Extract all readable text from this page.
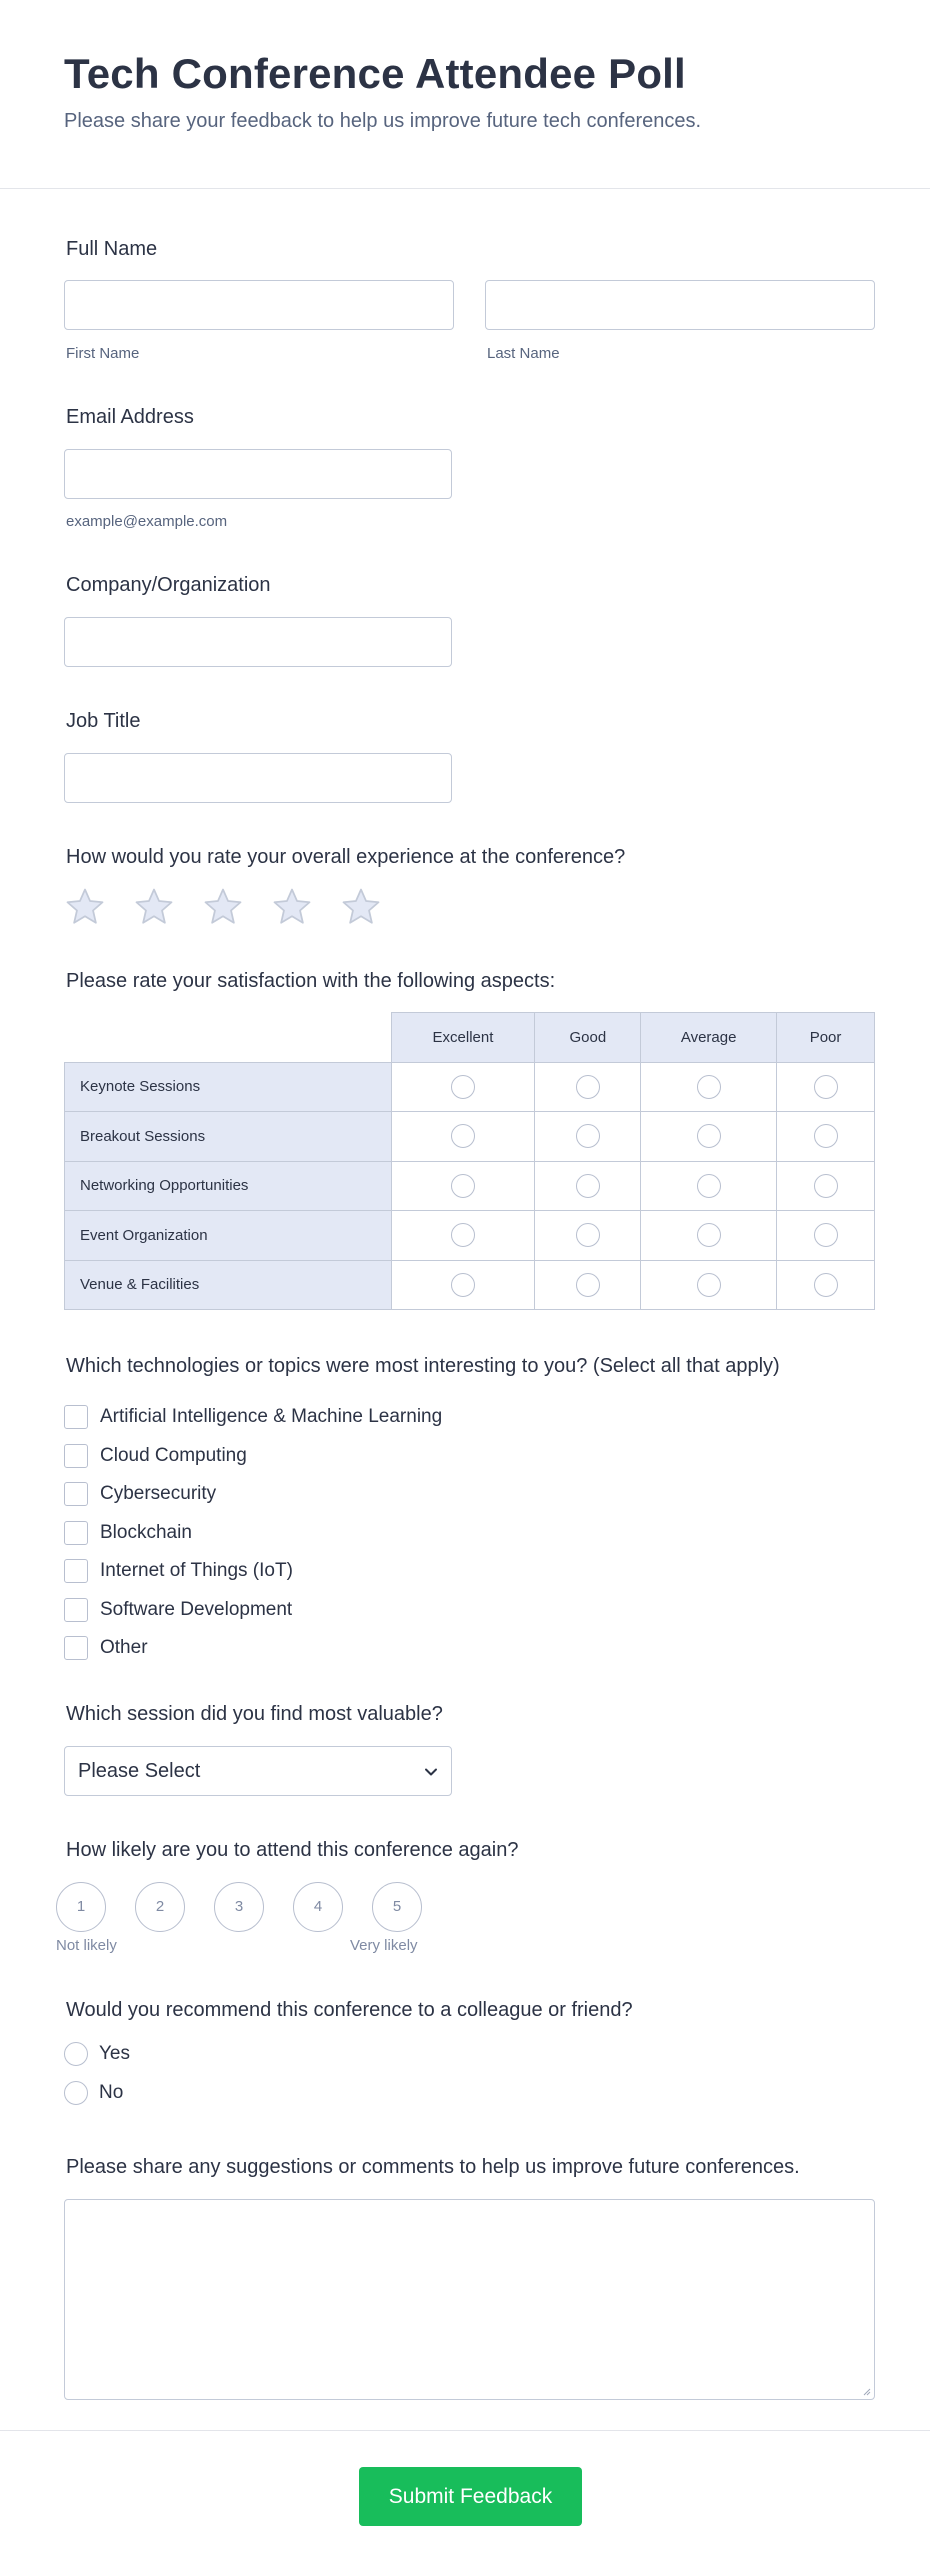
Tech Conference Attendee Poll
Please share your feedback to help us improve future tech conferences.
Full Name
First Name	Last Name
Email Address
example@example.com
Company/Organization
Job Title
How would you rate your overall experience at the conference?
Please rate your satisfaction with the following aspects:
	Excellent	Good	Average	Poor
Keynote Sessions				
Breakout Sessions				
Networking Opportunities				
Event Organization				
Venue & Facilities				
Which technologies or topics were most interesting to you? (Select all that apply)
Artificial Intelligence & Machine Learning
Cloud Computing
Cybersecurity
Blockchain
Internet of Things (IoT)
Software Development
Other
Which session did you find most valuable?
Please Select
How likely are you to attend this conference again?
1	2	3	4	5
Not likely	Very likely
Would you recommend this conference to a colleague or friend?
Yes
No
Please share any suggestions or comments to help us improve future conferences.
Submit Feedback
